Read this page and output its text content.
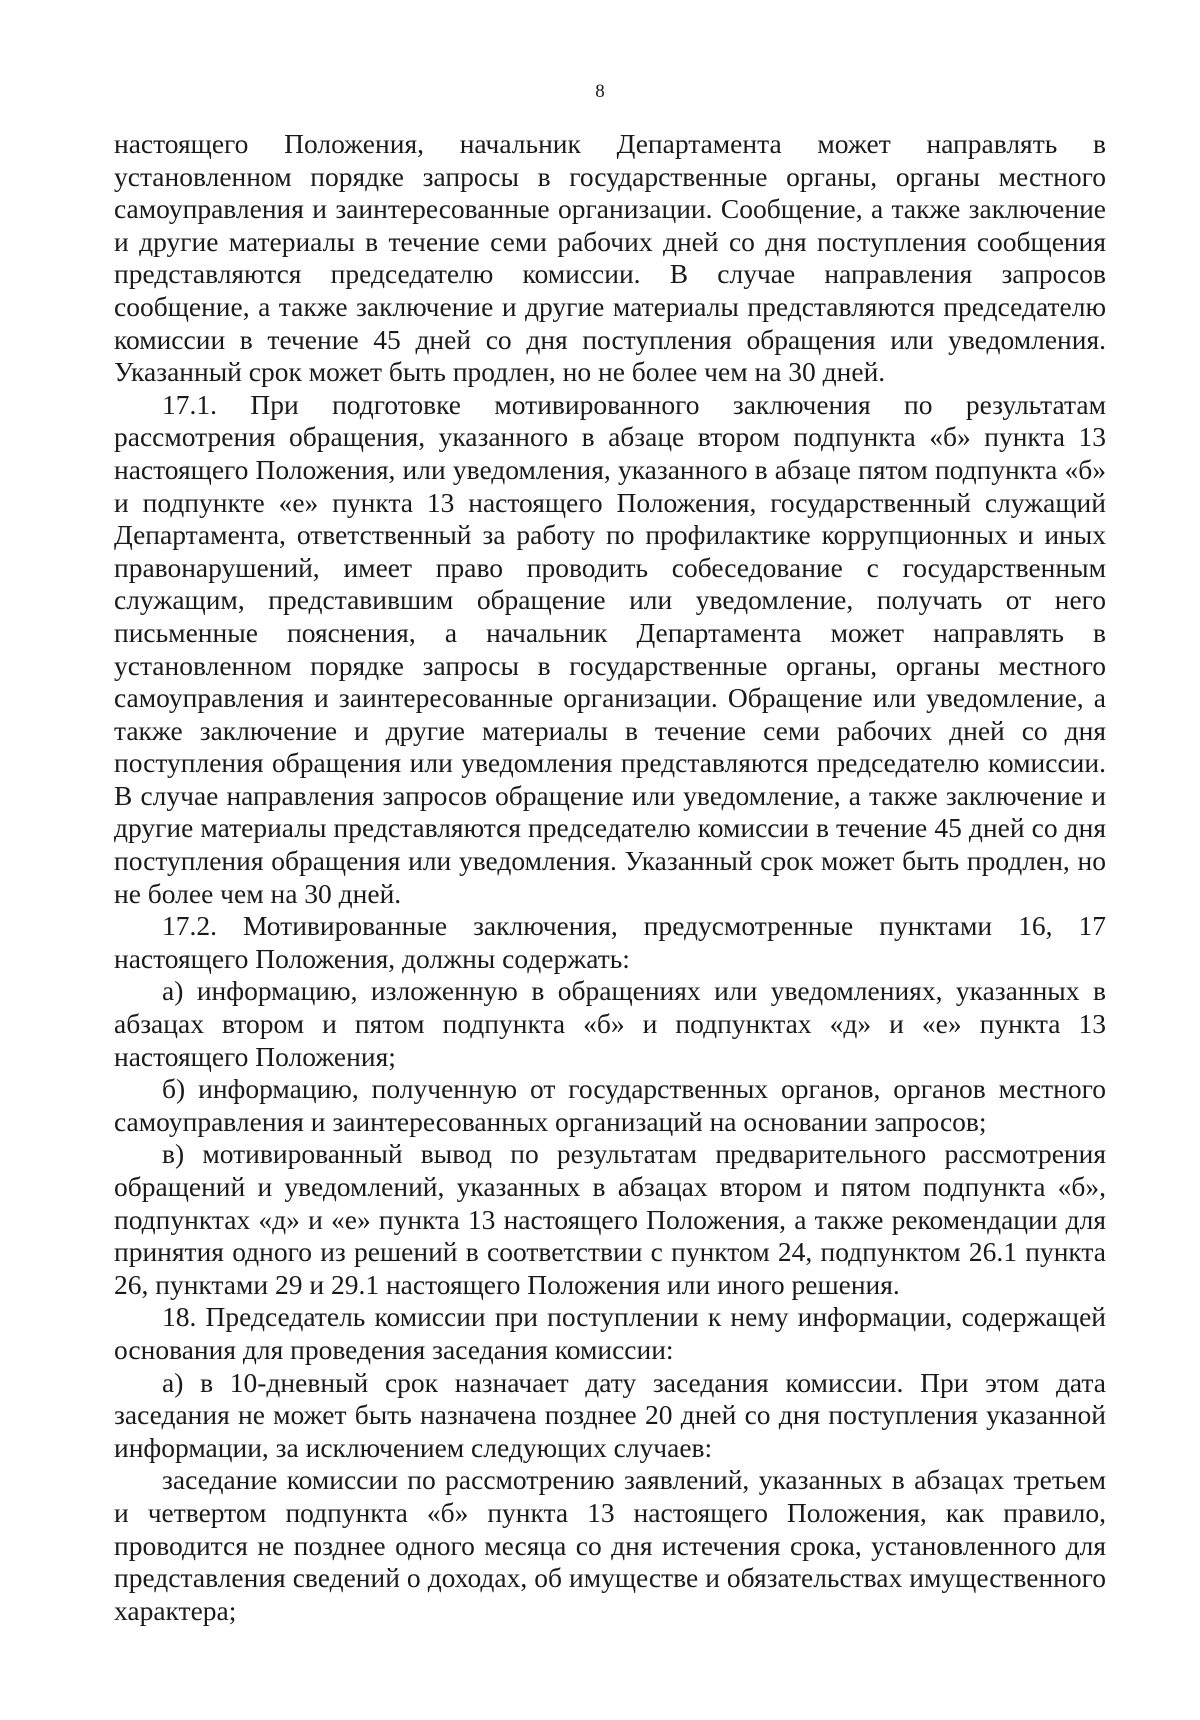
8

настоящего Положения, начальник Департамента может направлять в установленном порядке запросы в государственные органы, органы местного самоуправления и заинтересованные организации. Сообщение, а также заключение и другие материалы в течение семи рабочих дней со дня поступления сообщения представляются председателю комиссии. В случае направления запросов сообщение, а также заключение и другие материалы представляются председателю комиссии в течение 45 дней со дня поступления обращения или уведомления. Указанный срок может быть продлен, но не более чем на 30 дней.

17.1. При подготовке мотивированного заключения по результатам рассмотрения обращения, указанного в абзаце втором подпункта «б» пункта 13 настоящего Положения, или уведомления, указанного в абзаце пятом подпункта «б» и подпункте «е» пункта 13 настоящего Положения, государственный служащий Департамента, ответственный за работу по профилактике коррупционных и иных правонарушений, имеет право проводить собеседование с государственным служащим, представившим обращение или уведомление, получать от него письменные пояснения, а начальник Департамента может направлять в установленном порядке запросы в государственные органы, органы местного самоуправления и заинтересованные организации. Обращение или уведомление, а также заключение и другие материалы в течение семи рабочих дней со дня поступления обращения или уведомления представляются председателю комиссии. В случае направления запросов обращение или уведомление, а также заключение и другие материалы представляются председателю комиссии в течение 45 дней со дня поступления обращения или уведомления. Указанный срок может быть продлен, но не более чем на 30 дней.

17.2. Мотивированные заключения, предусмотренные пунктами 16, 17 настоящего Положения, должны содержать:

а) информацию, изложенную в обращениях или уведомлениях, указанных в абзацах втором и пятом подпункта «б» и подпунктах «д» и «е» пункта 13 настоящего Положения;

б) информацию, полученную от государственных органов, органов местного самоуправления и заинтересованных организаций на основании запросов;

в) мотивированный вывод по результатам предварительного рассмотрения обращений и уведомлений, указанных в абзацах втором и пятом подпункта «б», подпунктах «д» и «е» пункта 13 настоящего Положения, а также рекомендации для принятия одного из решений в соответствии с пунктом 24, подпунктом 26.1 пункта 26, пунктами 29 и 29.1 настоящего Положения или иного решения.

18. Председатель комиссии при поступлении к нему информации, содержащей основания для проведения заседания комиссии:

а) в 10-дневный срок назначает дату заседания комиссии. При этом дата заседания не может быть назначена позднее 20 дней со дня поступления указанной информации, за исключением следующих случаев:

заседание комиссии по рассмотрению заявлений, указанных в абзацах третьем и четвертом подпункта «б» пункта 13 настоящего Положения, как правило, проводится не позднее одного месяца со дня истечения срока, установленного для представления сведений о доходах, об имуществе и обязательствах имущественного характера;
